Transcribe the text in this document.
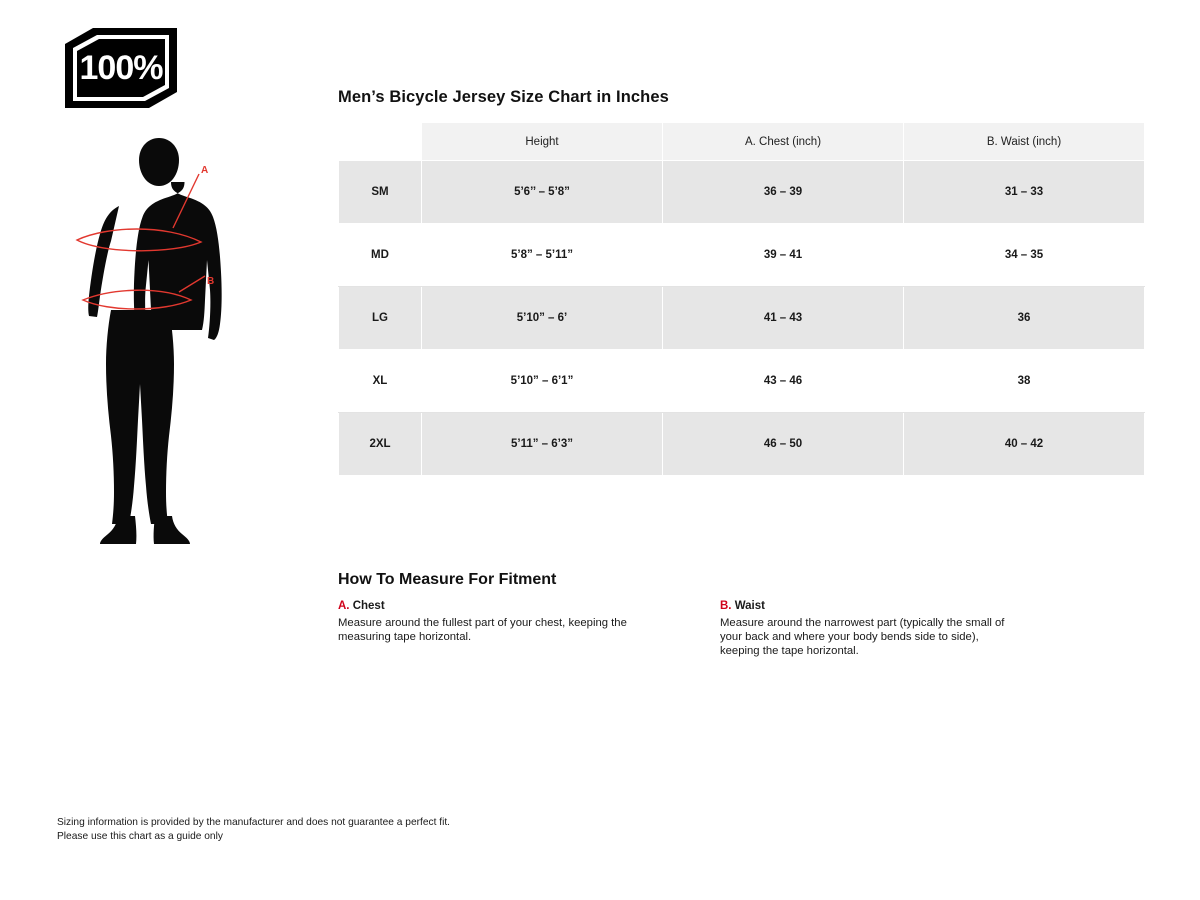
100%
A
B
Men’s Bicycle Jersey Size Chart in Inches
	Height	A. Chest (inch)	B. Waist (inch)
SM	5’6’’ – 5’8”	36 – 39	31 – 33
MD	5’8” – 5’11”	39 – 41	34 – 35
LG	5’10” – 6’	41 – 43	36
XL	5’10” – 6’1”	43 – 46	38
2XL	5’11” – 6’3”	46 – 50	40 – 42
How To Measure For Fitment
A. Chest
Measure around the fullest part of your chest, keeping the measuring tape horizontal.
B. Waist
Measure around the narrowest part (typically the small of your back and where your body bends side to side), keeping the tape horizontal.
Sizing information is provided by the manufacturer and does not guarantee a perfect fit.
Please use this chart as a guide only
